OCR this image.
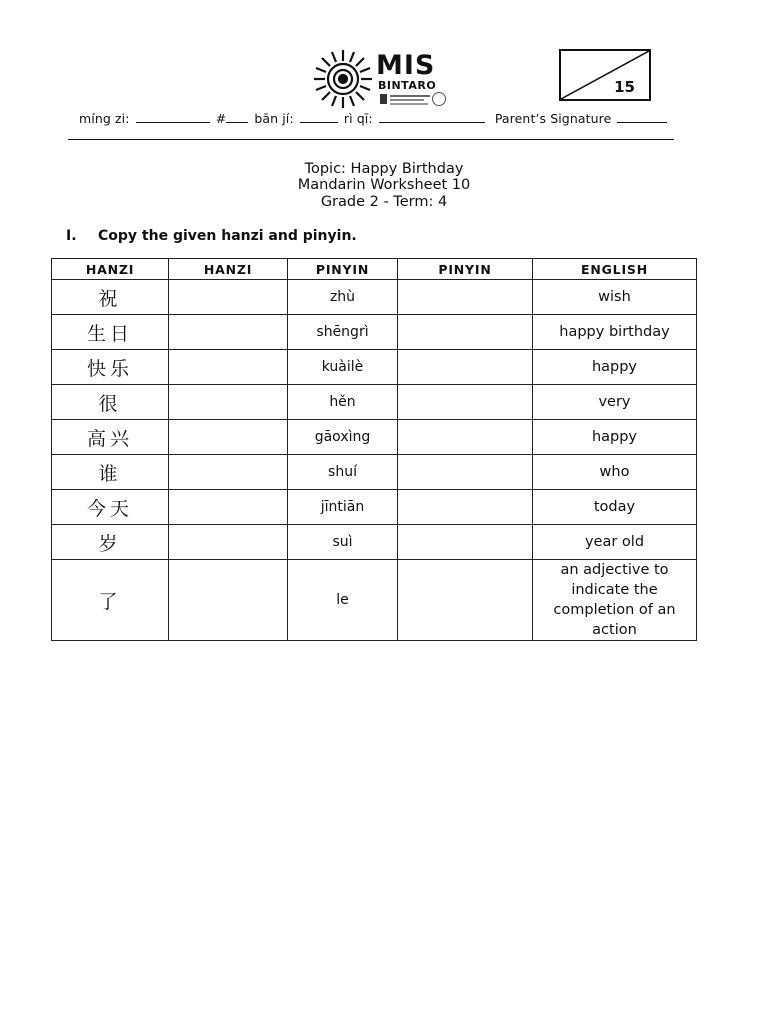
MIS
BINTARO	15
míng zi:	# bān jí:	rì qī:	Parent’s Signature
Topic: Happy Birthday
Mandarin Worksheet 10
Grade 2 - Term: 4
I. Copy the given hanzi and pinyin.
HANZI	HANZI	PINYIN	PINYIN	ENGLISH
祝		zhù		wish
生日		shēngrì		happy birthday
快乐		kuàilè		happy
很		hěn		very
高兴		gāoxìng		happy
谁		shuí		who
今天		jīntiān		today
岁		suì		year old
了		le		an adjective to indicate the completion of an action
